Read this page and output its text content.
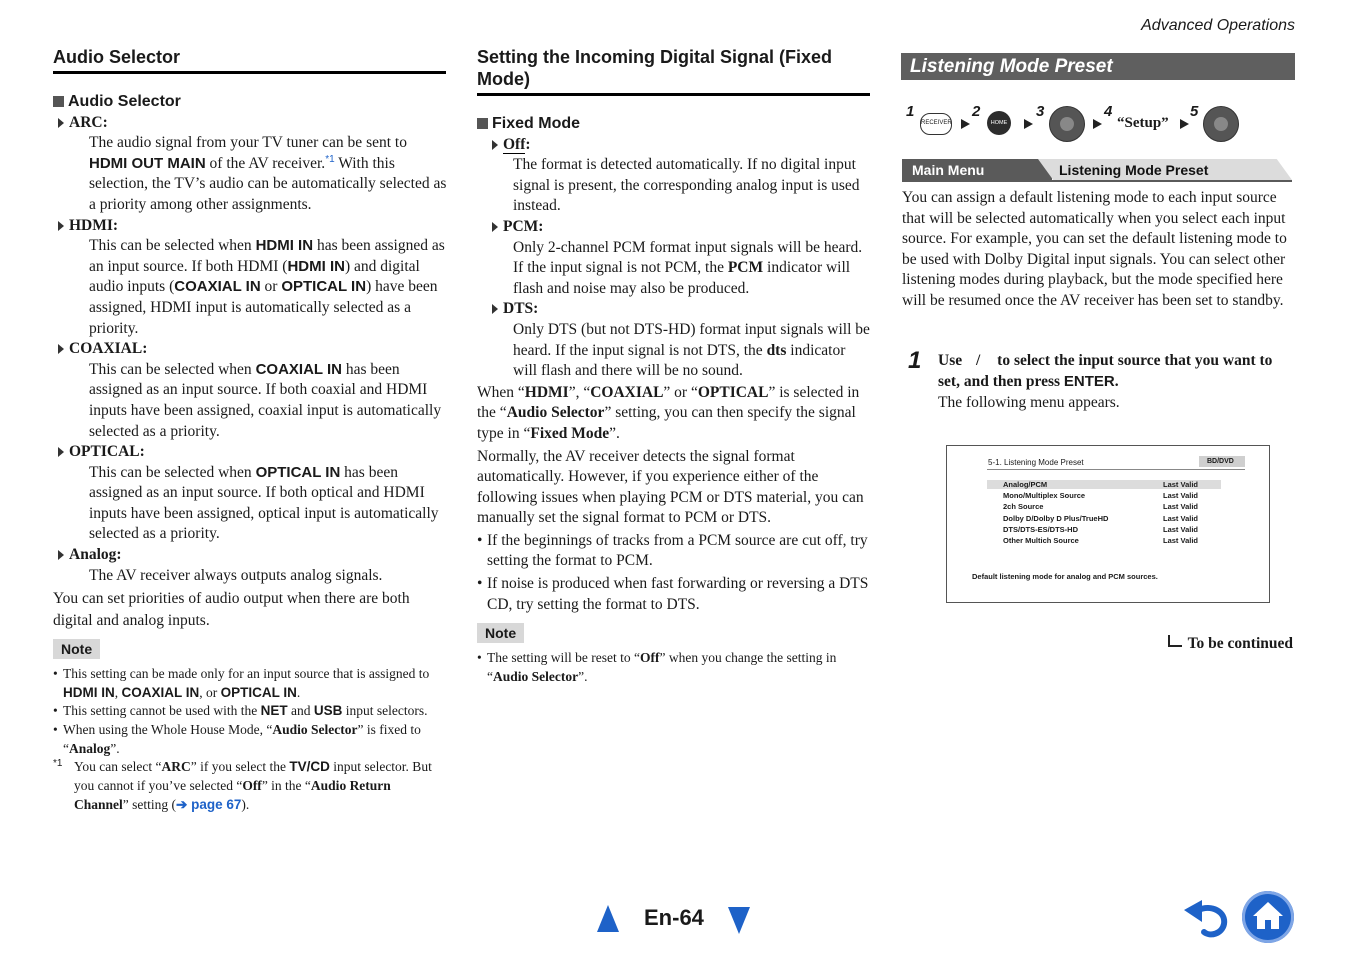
Advanced Operations
Audio Selector
Audio Selector
ARC:
The audio signal from your TV tuner can be sent to HDMI OUT MAIN of the AV receiver.$^{*1}$ With this selection, the TV’s audio can be automatically selected as a priority among other assignments.
HDMI:
This can be selected when HDMI IN has been assigned as an input source. If both HDMI (HDMI IN) and digital audio inputs (COAXIAL IN or OPTICAL IN) have been assigned, HDMI input is automatically selected as a priority.
COAXIAL:
This can be selected when COAXIAL IN has been assigned as an input source. If both coaxial and HDMI inputs have been assigned, coaxial input is automatically selected as a priority.
OPTICAL:
This can be selected when OPTICAL IN has been assigned as an input source. If both optical and HDMI inputs have been assigned, optical input is automatically selected as a priority.
Analog:
The AV receiver always outputs analog signals.
You can set priorities of audio output when there are both digital and analog inputs.
Note
• This setting can be made only for an input source that is assigned to HDMI IN, COAXIAL IN, or OPTICAL IN.
• This setting cannot be used with the NET and USB input selectors.
• When using the Whole House Mode, “Audio Selector” is fixed to “Analog”.
*1 You can select “ARC” if you select the TV/CD input selector. But you cannot if you’ve selected “Off” in the “Audio Return Channel” setting (➔ page 67).
Setting the Incoming Digital Signal (Fixed Mode)
Fixed Mode
Off:
The format is detected automatically. If no digital input signal is present, the corresponding analog input is used instead.
PCM:
Only 2-channel PCM format input signals will be heard. If the input signal is not PCM, the PCM indicator will flash and noise may also be produced.
DTS:
Only DTS (but not DTS-HD) format input signals will be heard. If the input signal is not DTS, the dts indicator will flash and there will be no sound.
When “HDMI”, “COAXIAL” or “OPTICAL” is selected in the “Audio Selector” setting, you can then specify the signal type in “Fixed Mode”.
Normally, the AV receiver detects the signal format automatically. However, if you experience either of the following issues when playing PCM or DTS material, you can manually set the signal format to PCM or DTS.
• If the beginnings of tracks from a PCM source are cut off, try setting the format to PCM.
• If noise is produced when fast forwarding or reversing a DTS CD, try setting the format to DTS.
Note
• The setting will be reset to “Off” when you change the setting in “Audio Selector”.
Listening Mode Preset
1
RECEIVER
2
HOME
3	4
“Setup”
5
Main Menu	Listening Mode Preset
You can assign a default listening mode to each input source that will be selected automatically when you select each input source. For example, you can set the default listening mode to be used with Dolby Digital input signals. You can select other listening modes during playback, but the mode specified here will be resumed once the AV receiver has been set to standby.
1 Use / to select the input source that you want to set, and then press ENTER.
The following menu appears.
5-1. Listening Mode Preset	BD/DVD
Analog/PCM	Last Valid
Mono/Multiplex Source	Last Valid
2ch Source	Last Valid
Dolby D/Dolby D Plus/TrueHD	Last Valid
DTS/DTS-ES/DTS-HD	Last Valid
Other Multich Source	Last Valid
Default listening mode for analog and PCM sources.
To be continued
En-64
